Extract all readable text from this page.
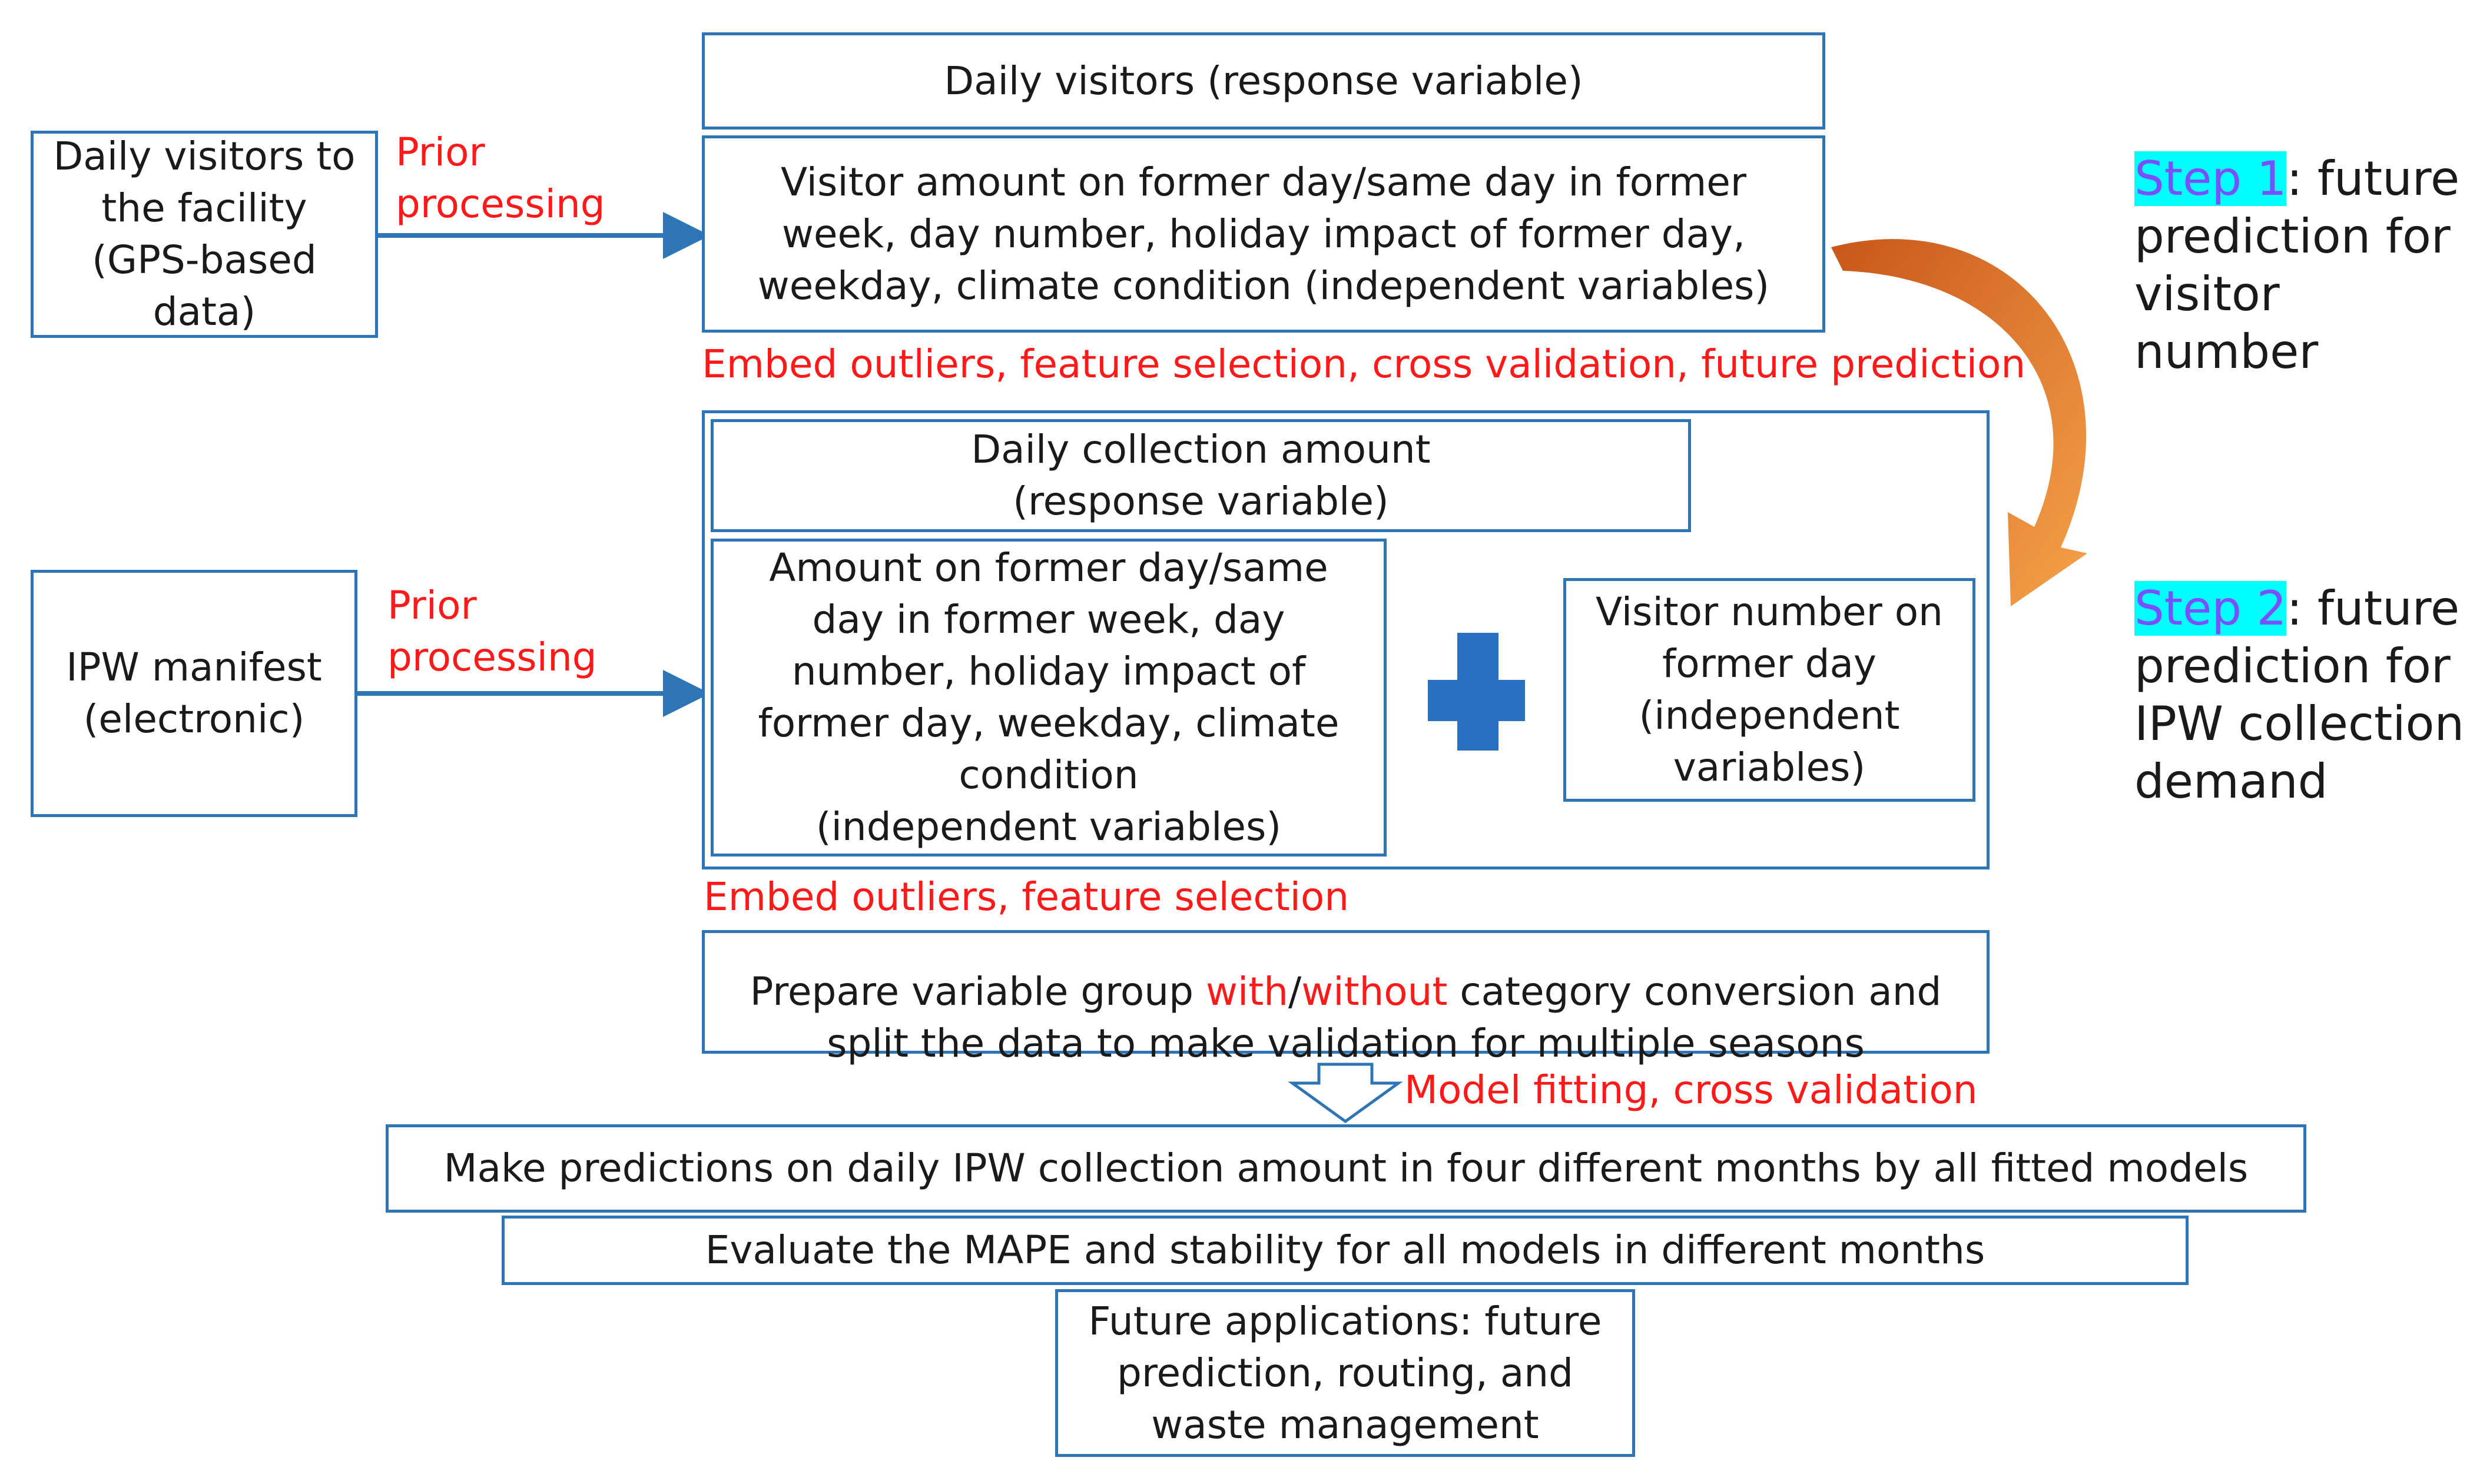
Daily visitors to
the facility
(GPS-based
data)
IPW manifest
(electronic)
Prior
processing
Prior
processing
Daily visitors (response variable)
Visitor amount on former day/same day in former
week, day number, holiday impact of former day,
weekday, climate condition (independent variables)
Embed outliers, feature selection, cross validation, future prediction
Daily collection amount
(response variable)
Amount on former day/same
day in former week, day
number, holiday impact of
former day, weekday, climate
condition
(independent variables)
Visitor number on
former day
(independent
variables)
Embed outliers, feature selection

Prepare variable group with/without category conversion and

split the data to make validation for multiple seasons
Model fitting, cross validation
Make predictions on daily IPW collection amount in four different months by all fitted models
Evaluate the MAPE and stability for all models in different months
Future applications: future
prediction, routing, and
waste management
Step 1: future
prediction for
visitor number
Step 2: future
prediction for
IPW collection
demand
